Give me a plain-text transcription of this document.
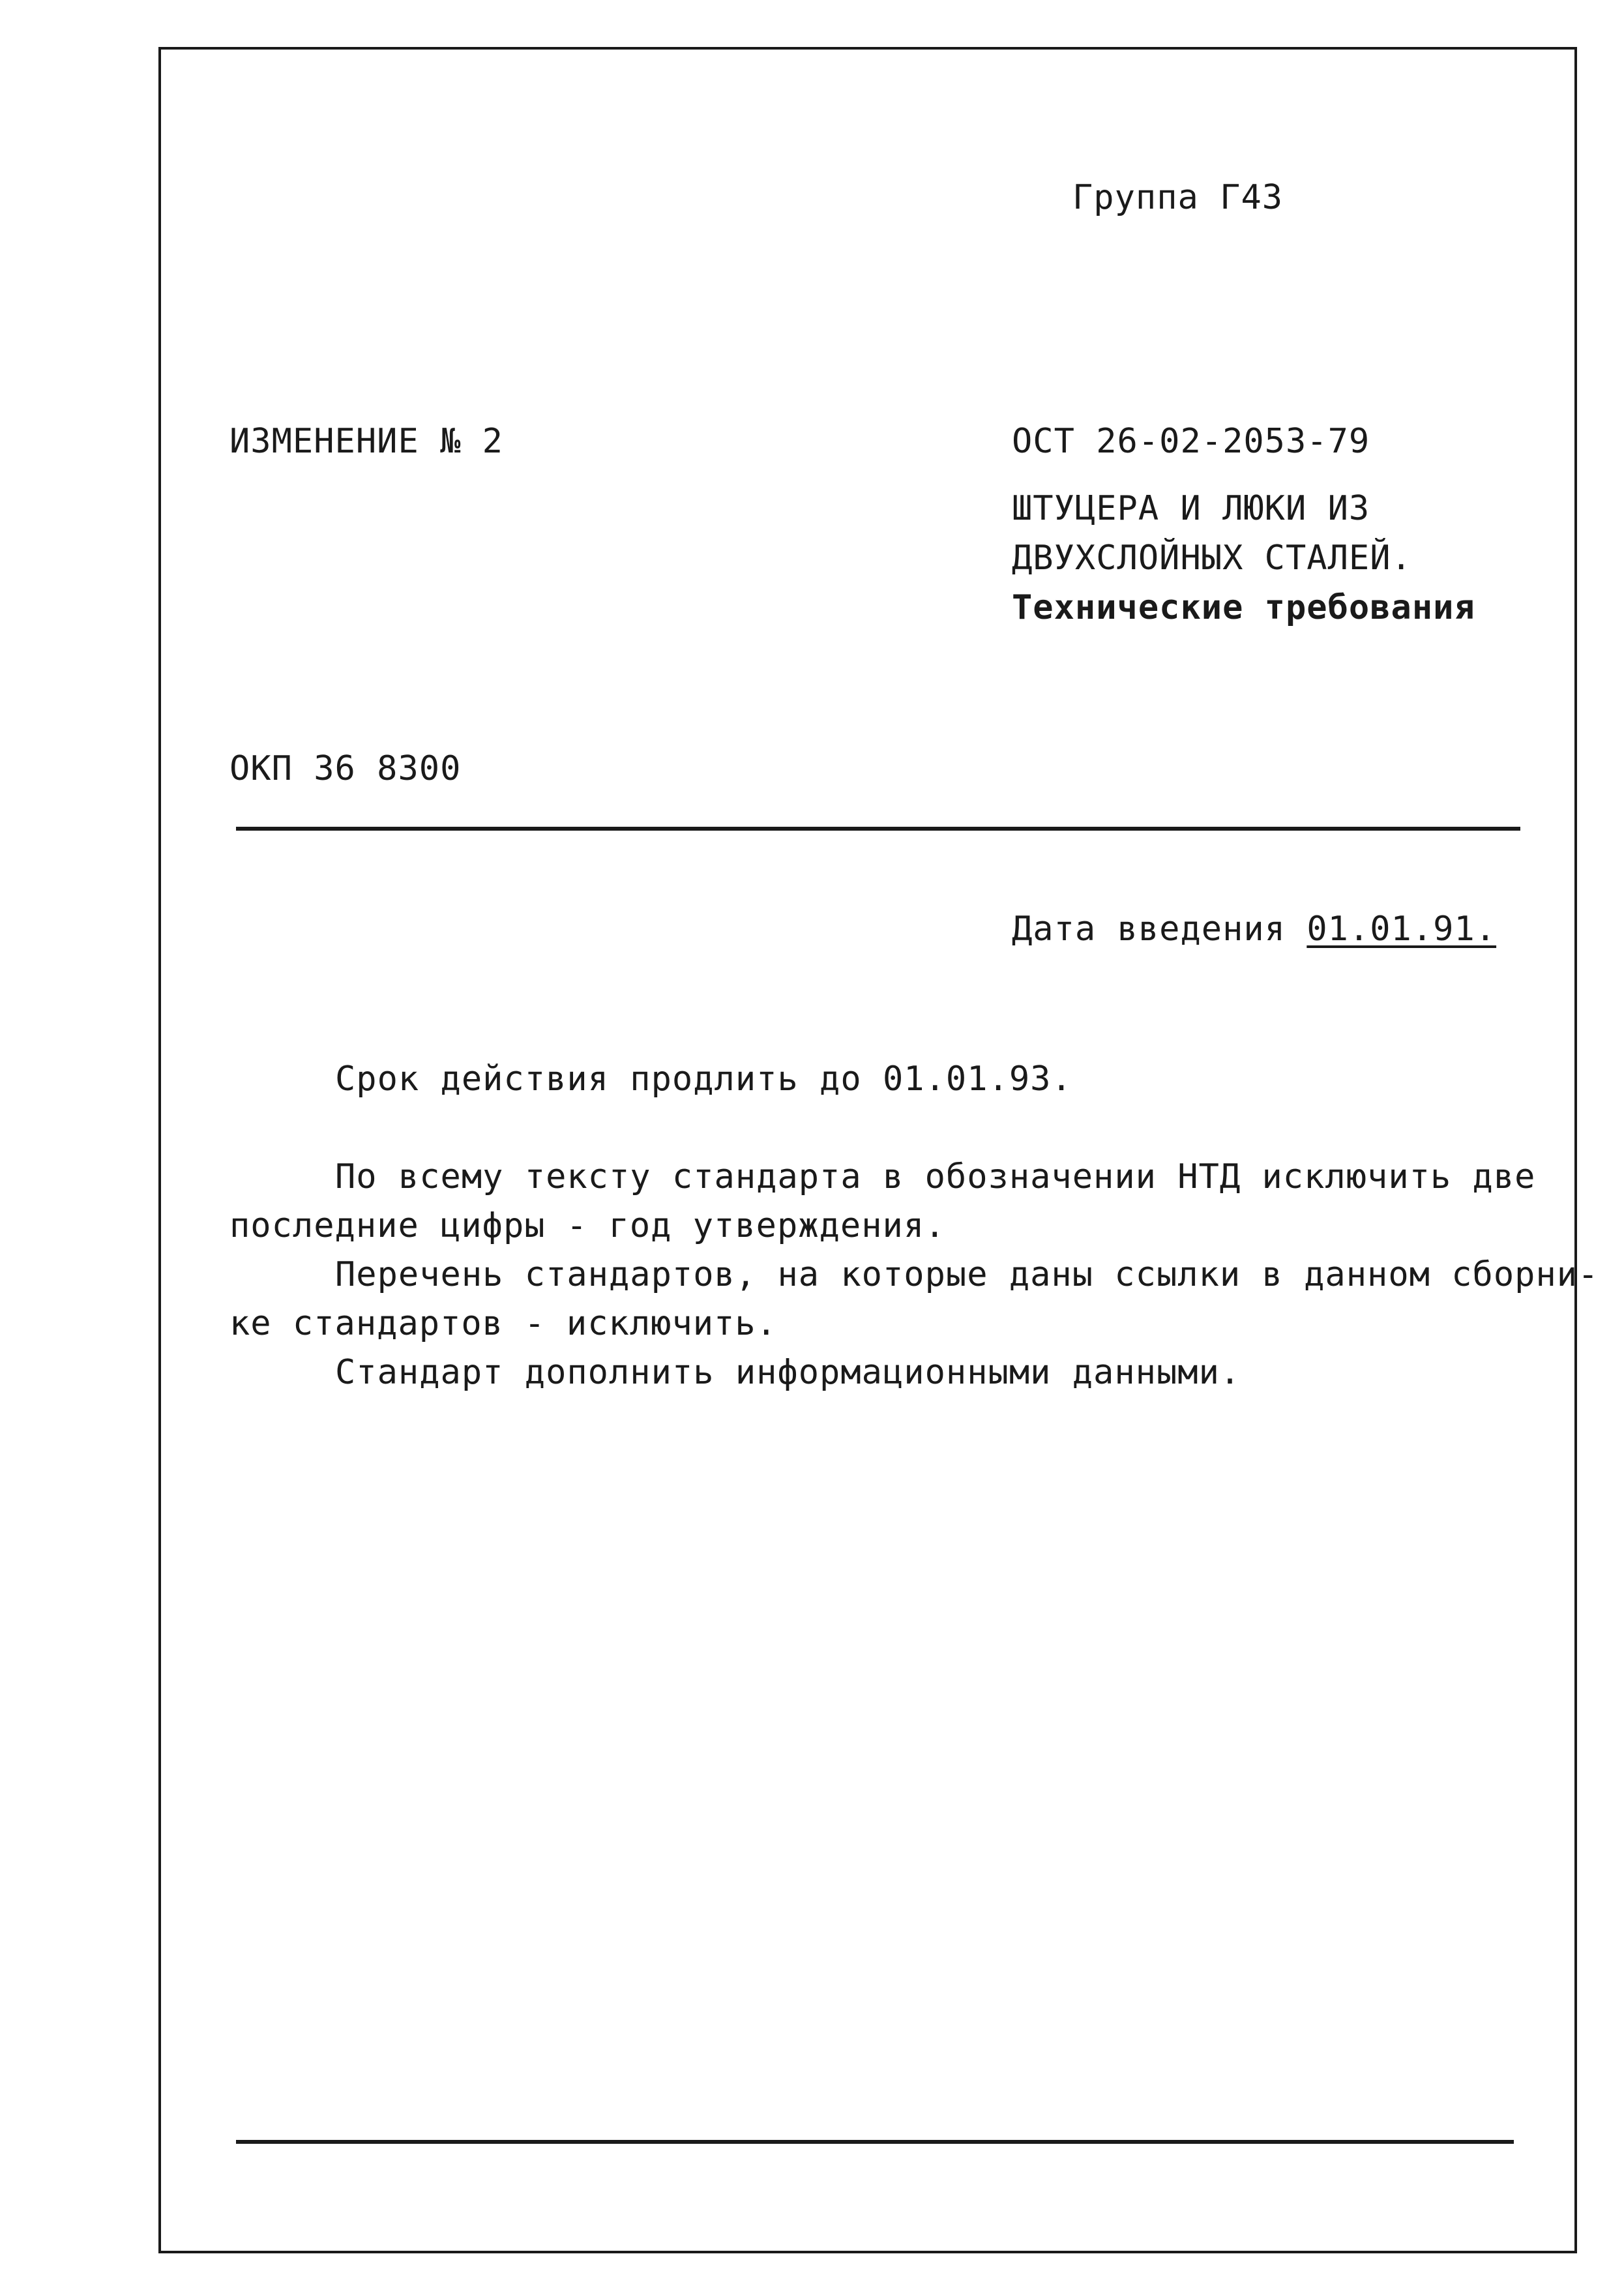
Группа Г43
ИЗМЕНЕНИЕ № 2	ОСТ 26-02-2053-79
ШТУЦЕРА И ЛЮКИ ИЗ
ДВУХСЛОЙНЫХ СТАЛЕЙ.
Технические требования
ОКП 36 8300
Дата введения 01.01.91.
Срок действия продлить до 01.01.93.
По всему тексту стандарта в обозначении НТД исключить две
последние цифры - год утверждения.
Перечень стандартов, на которые даны ссылки в данном сборни-
ке стандартов - исключить.
Стандарт дополнить информационными данными.
